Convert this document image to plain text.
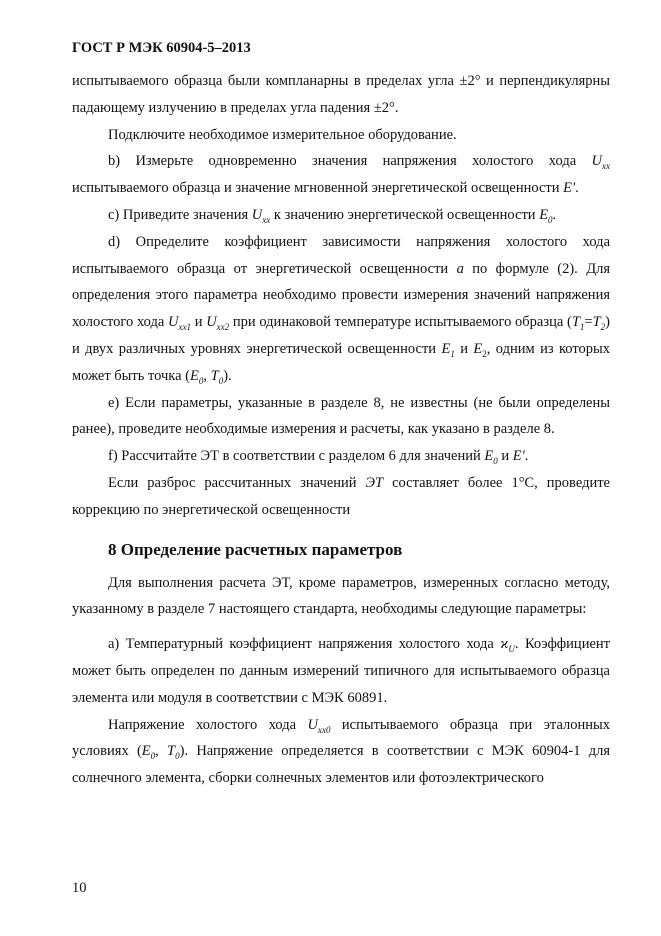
ГОСТ Р МЭК 60904-5–2013

испытываемого образца были компланарны в пределах угла ±2° и перпендикулярны падающему излучению в пределах угла падения ±2°.

Подключите необходимое измерительное оборудование.

b) Измерьте одновременно значения напряжения холостого хода $U_{xx}$ испытываемого образца и значение мгновенной энергетической освещенности E'.

c) Приведите значения $U_{xx}$ к значению энергетической освещенности $E_0$.

d) Определите коэффициент зависимости напряжения холостого хода испытываемого образца от энергетической освещенности a по формуле (2). Для определения этого параметра необходимо провести измерения значений напряжения холостого хода $U_{xx1}$ и $U_{xx2}$ при одинаковой температуре испытываемого образца $(T_1=T_2)$ и двух различных уровнях энергетической освещенности $E_1$ и $E_2$, одним из которых может быть точка ($E_0$, $T_0$).

e) Если параметры, указанные в разделе 8, не известны (не были определены ранее), проведите необходимые измерения и расчеты, как указано в разделе 8.

f) Рассчитайте ЭТ в соответствии с разделом 6 для значений $E_0$ и E'.

Если разброс рассчитанных значений ЭТ составляет более 1°С, проведите коррекцию по энергетической освещенности

8 Определение расчетных параметров

Для выполнения расчета ЭТ, кроме параметров, измеренных согласно методу, указанному в разделе 7 настоящего стандарта, необходимы следующие параметры:

a) Температурный коэффициент напряжения холостого хода $ϰ_U$. Коэффициент может быть определен по данным измерений типичного для испытываемого образца элемента или модуля в соответствии с МЭК 60891.

Напряжение холостого хода $U_{xx0}$ испытываемого образца при эталонных условиях ($E_0$, $T_0$). Напряжение определяется в соответствии с МЭК 60904-1 для солнечного элемента, сборки солнечных элементов или фотоэлектрического

10
